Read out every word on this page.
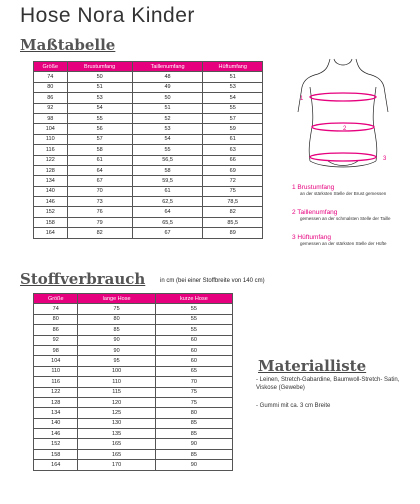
Hose Nora Kinder
Maßtabelle
Größe	Brustumfang	Taillenumfang	Hüftumfang
74	50	48	51
80	51	49	53
86	53	50	54
92	54	51	55
98	55	52	57
104	56	53	59
110	57	54	61
116	58	55	63
122	61	56,5	66
128	64	58	69
134	67	59,5	72
140	70	61	75
146	73	62,5	78,5
152	76	64	82
158	79	65,5	85,5
164	82	67	89
1
2
3
1 Brustumfang
an der stärksten Stelle der Brust gemessen
2 Taillenumfang
gemessen an der schmalsten Stelle der Taille
3 Hüftumfang
gemessen an der stärksten Stelle der Hüfte
Stoffverbrauch in cm (bei einer Stoffbreite von 140 cm)
Größe	lange Hose	kurze Hose
74	75	55
80	80	55
86	85	55
92	90	60
98	90	60
104	95	60
110	100	65
116	110	70
122	115	75
128	120	75
134	125	80
140	130	85
146	135	85
152	165	90
158	165	85
164	170	90
Materialliste
- Leinen, Stretch-Gabardine, Baumwoll-Stretch- Satin, Viskose (Gewebe)
- Gummi mit ca. 3 cm Breite
